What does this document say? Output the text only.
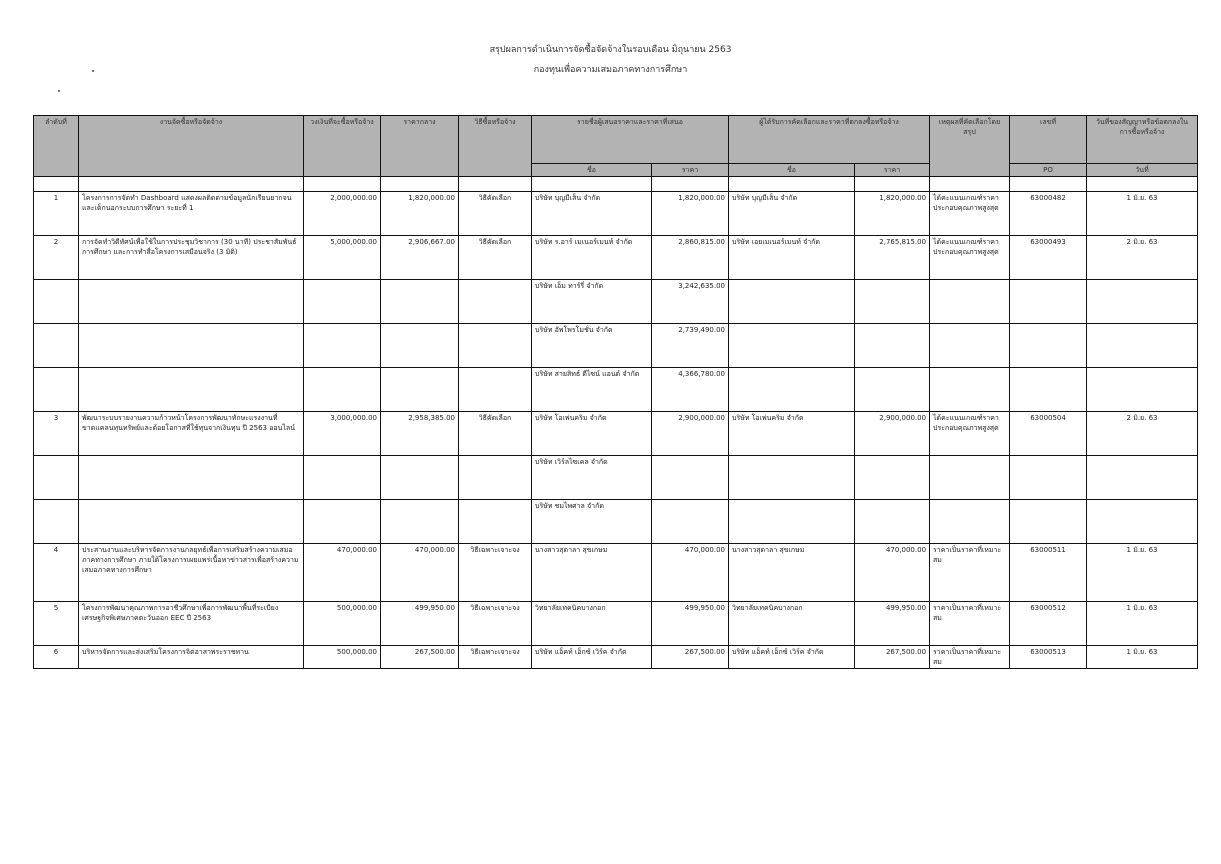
สรุปผลการดำเนินการจัดซื้อจัดจ้างในรอบเดือน มิถุนายน 2563
กองทุนเพื่อความเสมอภาคทางการศึกษา
ลำดับที่	งานจัดซื้อหรือจัดจ้าง	วงเงินที่จะซื้อหรือจ้าง	ราคากลาง	วิธีซื้อหรือจ้าง	รายชื่อผู้เสนอราคาและราคาที่เสนอ		ผู้ได้รับการคัดเลือกและราคาที่ตกลงซื้อหรือจ้าง		เหตุผลที่คัดเลือกโดยสรุป	เลขที่	วันที่ของสัญญาหรือข้อตกลงในการซื้อหรือจ้าง
					ชื่อ	ราคา	ชื่อ	ราคา		PO	วันที่

1	โครงการการจัดทำ Dashboard แสดงผลติดตามข้อมูลนักเรียนยากจน และเด็กนอกระบบการศึกษา ระยะที่ 1	2,000,000.00	1,820,000.00	วิธีคัดเลือก	บริษัท บุญมีเส็น จำกัด	1,820,000.00	บริษัท บุญมีเส็น จำกัด	1,820,000.00	ได้คะแนนเกณฑ์ราคาประกอบคุณภาพสูงสุด	63000482	1 มิ.ย. 63
2	การจัดทำวิดีทัศน์เพื่อใช้ในการประชุมวิชาการ (30 นาที) ประชาสัมพันธ์การศึกษา และการทำสื่อโครงการเสมือนจริง (3 มิติ)	5,000,000.00	2,906,667.00	วิธีคัดเลือก	บริษัท ร.อาร์ เมเนอร์เมนท์ จำกัด	2,860,815.00	บริษัท เอยเมเนอร์เมนท์ จำกัด	2,765,815.00	ได้คะแนนเกณฑ์ราคาประกอบคุณภาพสูงสุด	63000493	2 มิ.ย. 63
					บริษัท เอ็ม ทาร์รี่ จำกัด	3,242,635.00					
					บริษัท อัพโพรโมชั่น จำกัด	2,739,490.00					
					บริษัท สายสิทธ์ ดีไซน์ แอนด์ จำกัด	4,366,780.00					
3	พัฒนาระบบรายงานความก้าวหน้าโครงการพัฒนาทักษะแรงงานที่ขาดแคลนทุนทรัพย์และด้อยโอกาสที่ใช้ทุนจากเงินทุน ปี 2563 ออนไลน์	3,000,000.00	2,958,385.00	วิธีคัดเลือก	บริษัท โอเพ่นคริม จำกัด	2,900,000.00	บริษัท โอเพ่นคริม จำกัด	2,900,000.00	ได้คะแนนเกณฑ์ราคาประกอบคุณภาพสูงสุด	63000504	2 มิ.ย. 63
					บริษัท เวิร์ลไซเคล จำกัด						
					บริษัท ชมไพศาล จำกัด						
4	ประสานงานและบริหารจัดการงานกลยุทธ์เพื่อการเสริมสร้างความเสมอภาคทางการศึกษา ภายใต้โครงการเผยแพร่เนื้อหาข่าวสารเพื่อสร้างความเสมอภาคทางการศึกษา	470,000.00	470,000.00	วิธีเฉพาะเจาะจง	นางสาวสุดาลา สุขเกษม	470,000.00	นางสาวสุดาลา สุขเกษม	470,000.00	ราคาเป็นราคาที่เหมาะสม	63000511	1 มิ.ย. 63
5	โครงการพัฒนาคุณภาพการอาชีวศึกษาเพื่อการพัฒนาพื้นที่ระเบียงเศรษฐกิจพิเศษภาคตะวันออก EEC ปี 2563	500,000.00	499,950.00	วิธีเฉพาะเจาะจง	วิทยาลัยเทคนิคบางกอก	499,950.00	วิทยาลัยเทคนิคบางกอก	499,950.00	ราคาเป็นราคาที่เหมาะสม	63000512	1 มิ.ย. 63
6	บริหารจัดการและส่งเสริมโครงการจิตอาสาพระราชทาน	500,000.00	267,500.00	วิธีเฉพาะเจาะจง	บริษัท แอ็คท์ เอ็กซ์ เวิร์ค จำกัด	267,500.00	บริษัท แอ็คท์ เอ็กซ์ เวิร์ค จำกัด	267,500.00	ราคาเป็นราคาที่เหมาะสม	63000513	1 มิ.ย. 63
